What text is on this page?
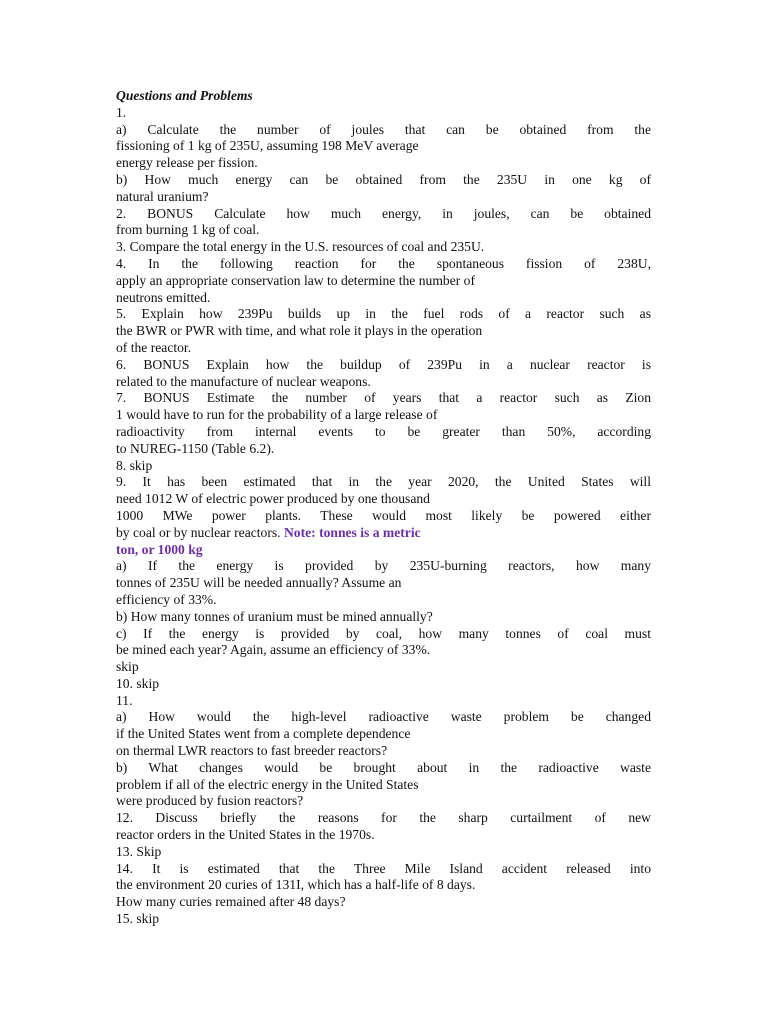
Questions and Problems
1.
a) Calculate the number of joules that can be obtained from the
fissioning of 1 kg of 235U, assuming 198 MeV average
energy release per fission.
b) How much energy can be obtained from the 235U in one kg of
natural uranium?
2. BONUS Calculate how much energy, in joules, can be obtained
from burning 1 kg of coal.
3. Compare the total energy in the U.S. resources of coal and 235U.
4. In the following reaction for the spontaneous fission of 238U,
apply an appropriate conservation law to determine the number of
neutrons emitted.
5. Explain how 239Pu builds up in the fuel rods of a reactor such as
the BWR or PWR with time, and what role it plays in the operation
of the reactor.
6. BONUS Explain how the buildup of 239Pu in a nuclear reactor is
related to the manufacture of nuclear weapons.
7. BONUS Estimate the number of years that a reactor such as Zion
1 would have to run for the probability of a large release of
radioactivity from internal events to be greater than 50%, according
to NUREG-1150 (Table 6.2).
8. skip
9. It has been estimated that in the year 2020, the United States will
need 1012 W of electric power produced by one thousand
1000 MWe power plants. These would most likely be powered either
by coal or by nuclear reactors. Note: tonnes is a metric
ton, or 1000 kg
a) If the energy is provided by 235U-burning reactors, how many
tonnes of 235U will be needed annually? Assume an
efficiency of 33%.
b) How many tonnes of uranium must be mined annually?
c) If the energy is provided by coal, how many tonnes of coal must
be mined each year? Again, assume an efficiency of 33%.
skip
10. skip
11.
a) How would the high-level radioactive waste problem be changed
if the United States went from a complete dependence
on thermal LWR reactors to fast breeder reactors?
b) What changes would be brought about in the radioactive waste
problem if all of the electric energy in the United States
were produced by fusion reactors?
12. Discuss briefly the reasons for the sharp curtailment of new
reactor orders in the United States in the 1970s.
13. Skip
14. It is estimated that the Three Mile Island accident released into
the environment 20 curies of 131I, which has a half-life of 8 days.
How many curies remained after 48 days?
15. skip
